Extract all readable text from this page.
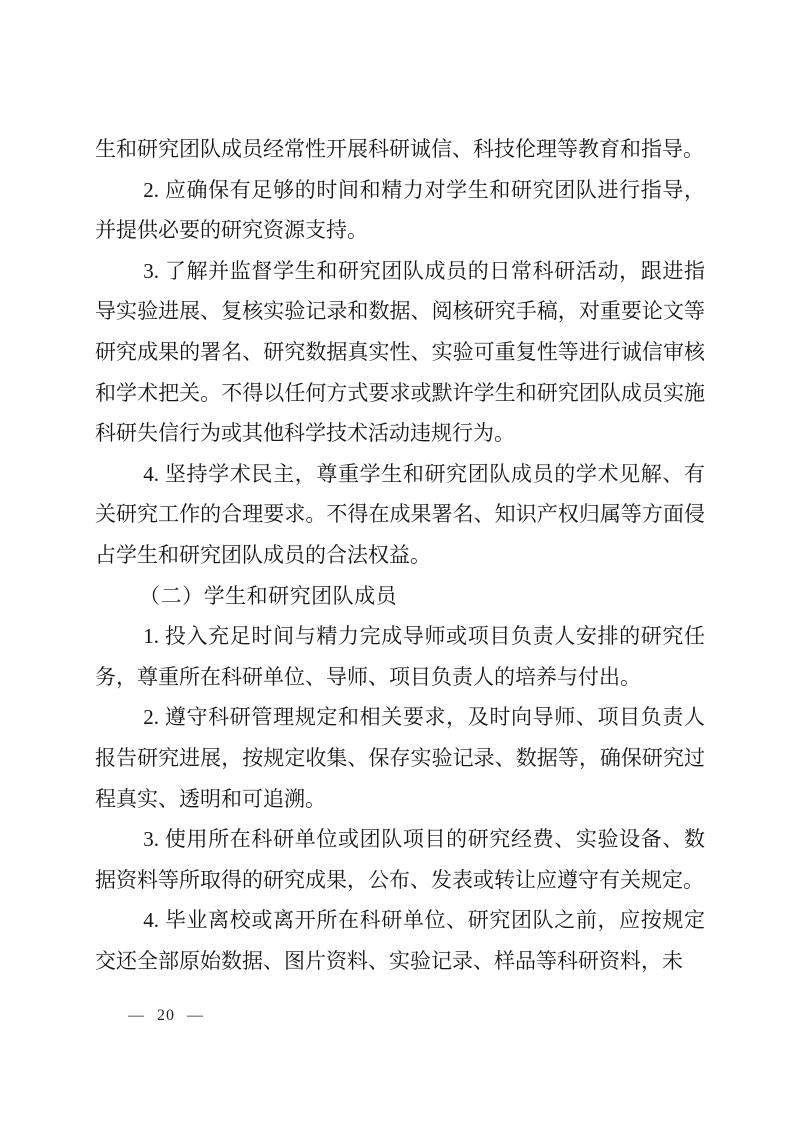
生和研究团队成员经常性开展科研诚信、科技伦理等教育和指导。

2. 应确保有足够的时间和精力对学生和研究团队进行指导，并提供必要的研究资源支持。

3. 了解并监督学生和研究团队成员的日常科研活动，跟进指导实验进展、复核实验记录和数据、阅核研究手稿，对重要论文等研究成果的署名、研究数据真实性、实验可重复性等进行诚信审核和学术把关。不得以任何方式要求或默许学生和研究团队成员实施科研失信行为或其他科学技术活动违规行为。

4. 坚持学术民主，尊重学生和研究团队成员的学术见解、有关研究工作的合理要求。不得在成果署名、知识产权归属等方面侵占学生和研究团队成员的合法权益。

（二）学生和研究团队成员

1. 投入充足时间与精力完成导师或项目负责人安排的研究任务，尊重所在科研单位、导师、项目负责人的培养与付出。

2. 遵守科研管理规定和相关要求，及时向导师、项目负责人报告研究进展，按规定收集、保存实验记录、数据等，确保研究过程真实、透明和可追溯。

3. 使用所在科研单位或团队项目的研究经费、实验设备、数据资料等所取得的研究成果，公布、发表或转让应遵守有关规定。

4. 毕业离校或离开所在科研单位、研究团队之前，应按规定交还全部原始数据、图片资料、实验记录、样品等科研资料，未

— 20 —
